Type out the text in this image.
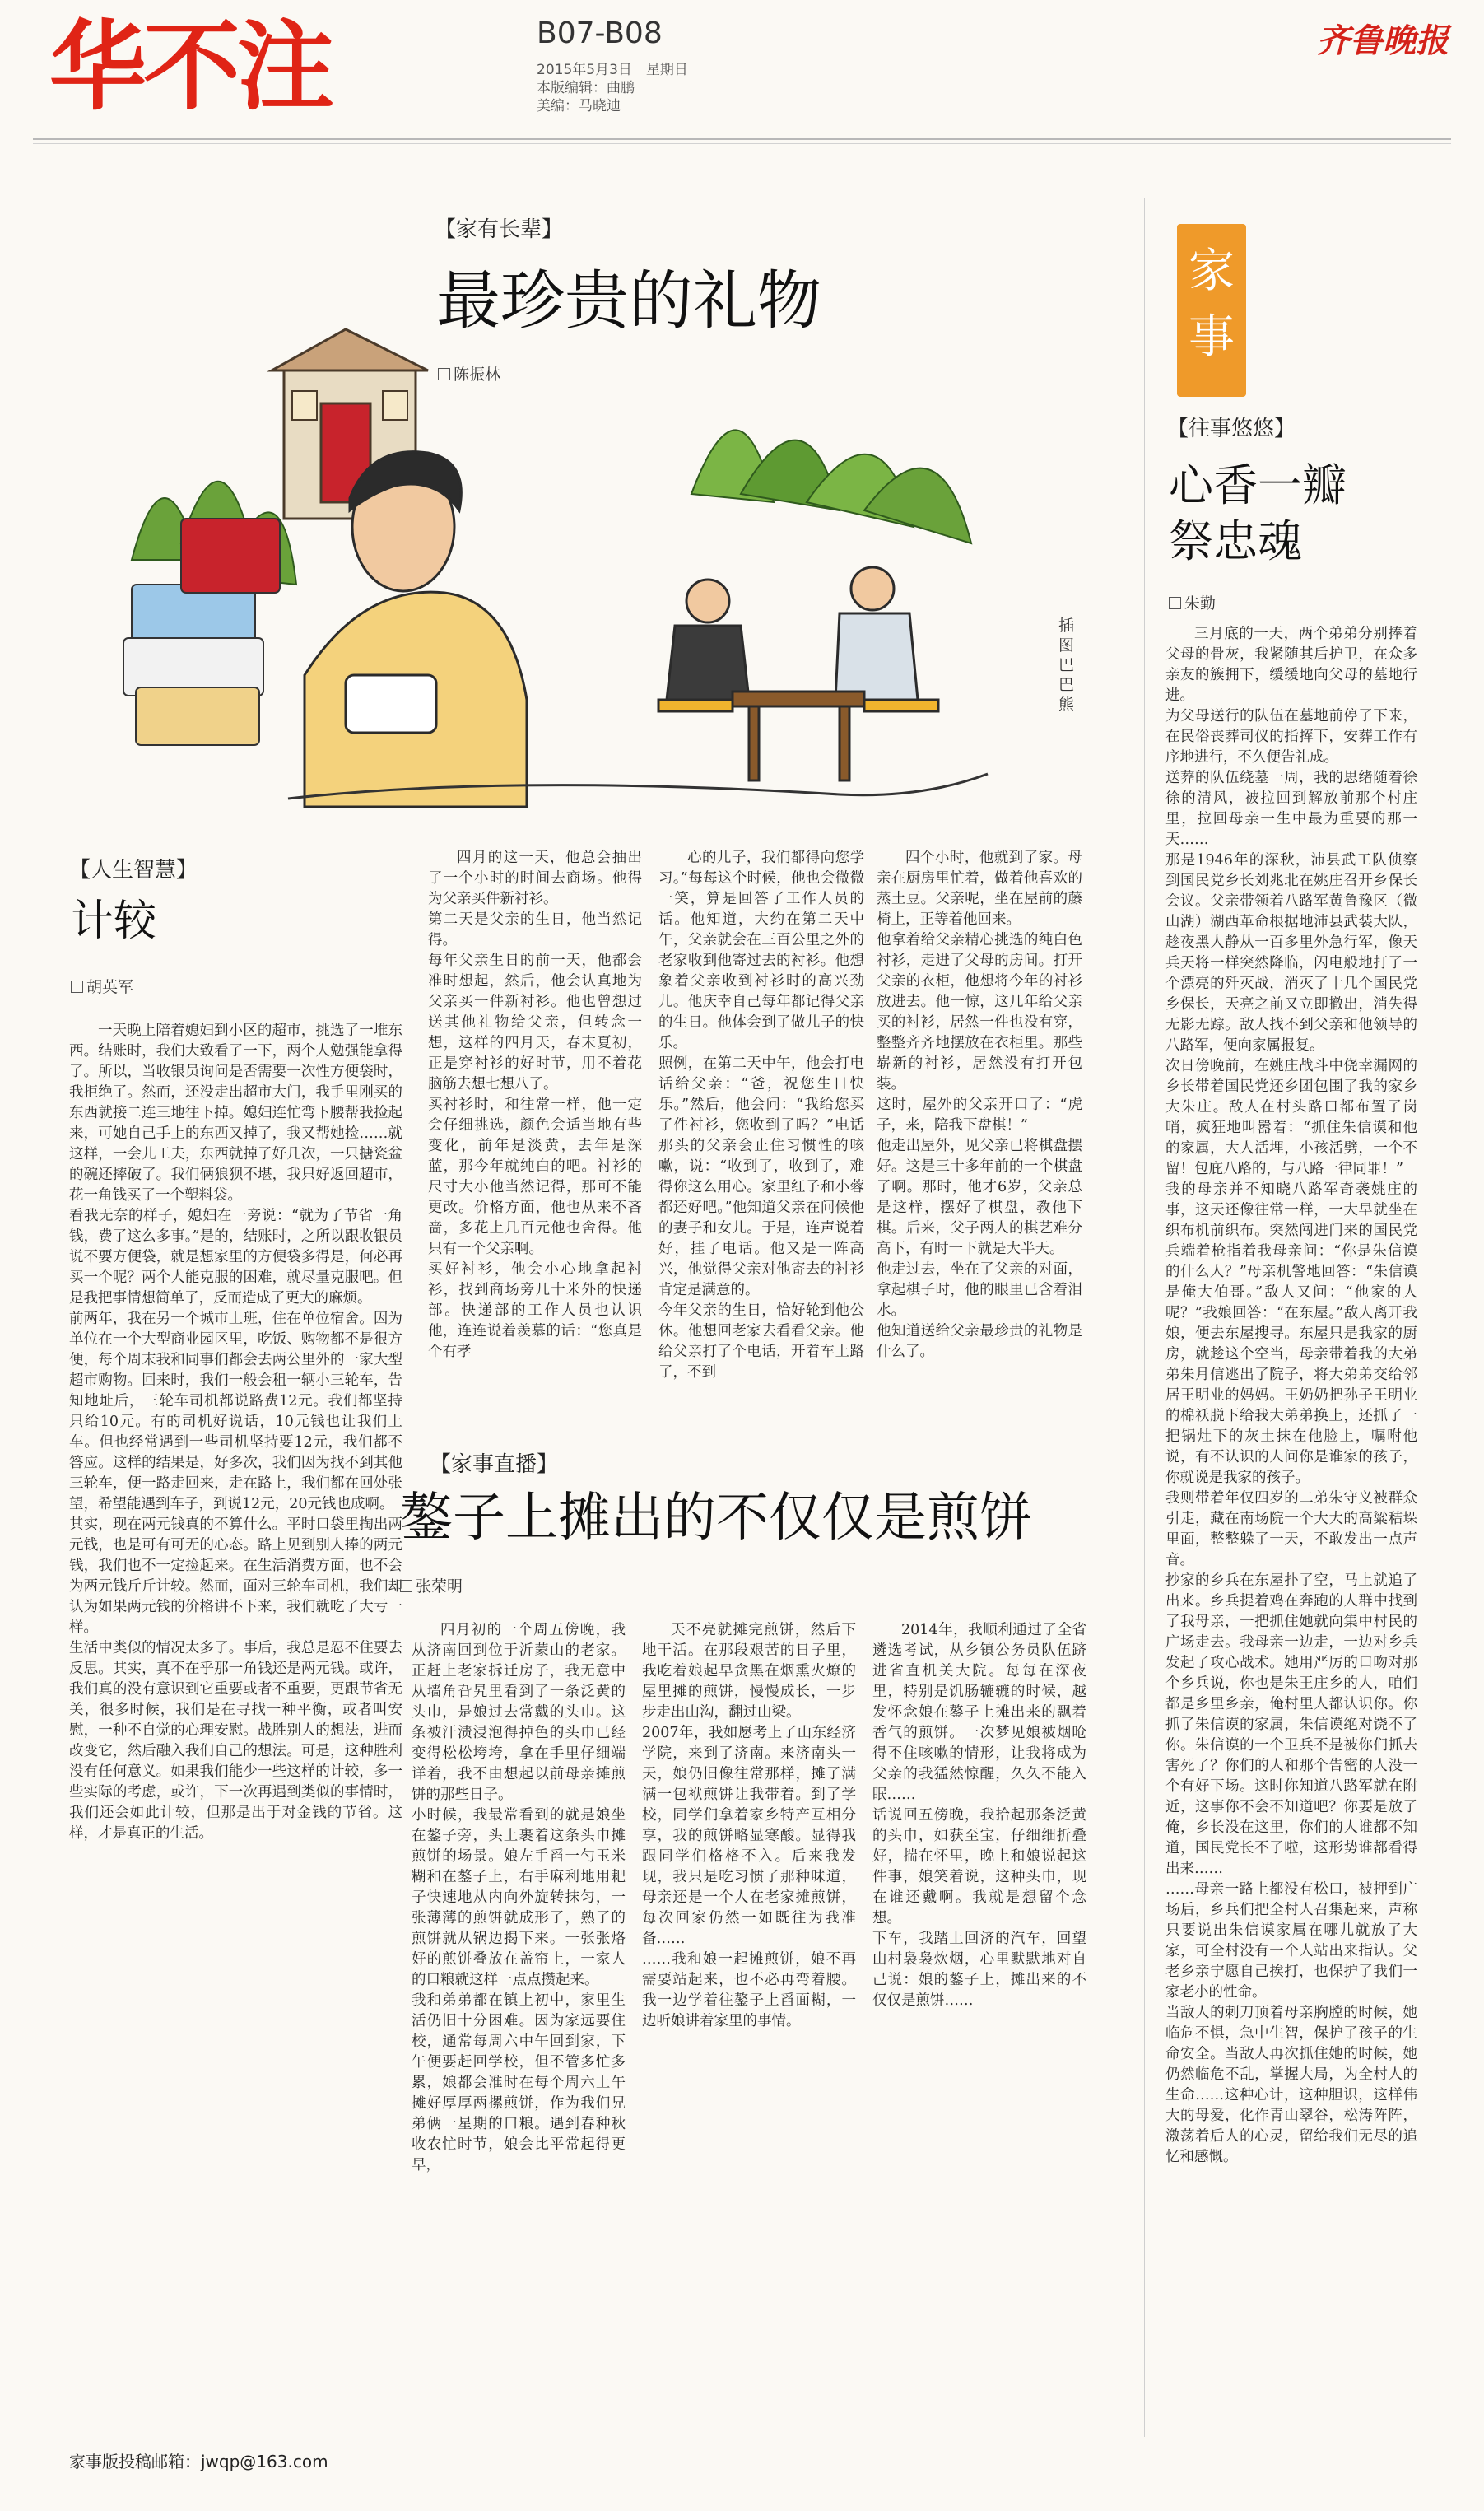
华不注	B07-B08
2015年5月3日　星期日
本版编辑：曲鹏
美编：马晓迪
齐鲁晚报
插图 巴巴熊
【家有长辈】
最珍贵的礼物
陈振林

四月的这一天，他总会抽出了一个小时的时间去商场。他得为父亲买件新衬衫。
第二天是父亲的生日，他当然记得。
每年父亲生日的前一天，他都会准时想起，然后，他会认真地为父亲买一件新衬衫。他也曾想过送其他礼物给父亲，但转念一想，这样的四月天，春末夏初，正是穿衬衫的好时节，用不着花脑筋去想七想八了。
买衬衫时，和往常一样，他一定会仔细挑选，颜色会适当地有些变化，前年是淡黄，去年是深蓝，那今年就纯白的吧。衬衫的尺寸大小他当然记得，那可不能更改。价格方面，他也从来不吝啬，多花上几百元他也舍得。他只有一个父亲啊。
买好衬衫，他会小心地拿起衬衫，找到商场旁几十米外的快递部。快递部的工作人员也认识他，连连说着羡慕的话：“您真是个有孝

心的儿子，我们都得向您学习。”每每这个时候，他也会微微一笑，算是回答了工作人员的话。他知道，大约在第二天中午，父亲就会在三百公里之外的老家收到他寄过去的衬衫。他想象着父亲收到衬衫时的高兴劲儿。他庆幸自己每年都记得父亲的生日。他体会到了做儿子的快乐。
照例，在第二天中午，他会打电话给父亲：“爸，祝您生日快乐。”然后，他会问：“我给您买了件衬衫，您收到了吗？”电话那头的父亲会止住习惯性的咳嗽，说：“收到了，收到了，难得你这么用心。家里红子和小蓉都还好吧。”他知道父亲在问候他的妻子和女儿。于是，连声说着好，挂了电话。他又是一阵高兴，他觉得父亲对他寄去的衬衫肯定是满意的。
今年父亲的生日，恰好轮到他公休。他想回老家去看看父亲。他给父亲打了个电话，开着车上路了，不到

四个小时，他就到了家。母亲在厨房里忙着，做着他喜欢的蒸土豆。父亲呢，坐在屋前的藤椅上，正等着他回来。
他拿着给父亲精心挑选的纯白色衬衫，走进了父母的房间。打开父亲的衣柜，他想将今年的衬衫放进去。他一惊，这几年给父亲买的衬衫，居然一件也没有穿，整整齐齐地摆放在衣柜里。那些崭新的衬衫，居然没有打开包装。
这时，屋外的父亲开口了：“虎子，来，陪我下盘棋！”
他走出屋外，见父亲已将棋盘摆好。这是三十多年前的一个棋盘了啊。那时，他才6岁，父亲总是这样，摆好了棋盘，教他下棋。后来，父子两人的棋艺难分高下，有时一下就是大半天。
他走过去，坐在了父亲的对面，拿起棋子时，他的眼里已含着泪水。
他知道送给父亲最珍贵的礼物是什么了。

【人生智慧】
计较
胡英军

一天晚上陪着媳妇到小区的超市，挑选了一堆东西。结账时，我们大致看了一下，两个人勉强能拿得了。所以，当收银员询问是否需要一次性方便袋时，我拒绝了。然而，还没走出超市大门，我手里刚买的东西就接二连三地往下掉。媳妇连忙弯下腰帮我捡起来，可她自己手上的东西又掉了，我又帮她捡……就这样，一会儿工夫，东西就掉了好几次，一只搪瓷盆的碗还摔破了。我们俩狼狈不堪，我只好返回超市，花一角钱买了一个塑料袋。
看我无奈的样子，媳妇在一旁说：“就为了节省一角钱，费了这么多事。”是的，结账时，之所以跟收银员说不要方便袋，就是想家里的方便袋多得是，何必再买一个呢？两个人能克服的困难，就尽量克服吧。但是我把事情想简单了，反而造成了更大的麻烦。
前两年，我在另一个城市上班，住在单位宿舍。因为单位在一个大型商业园区里，吃饭、购物都不是很方便，每个周末我和同事们都会去两公里外的一家大型超市购物。回来时，我们一般会租一辆小三轮车，告知地址后，三轮车司机都说路费12元。我们都坚持只给10元。有的司机好说话，10元钱也让我们上车。但也经常遇到一些司机坚持要12元，我们都不答应。这样的结果是，好多次，我们因为找不到其他三轮车，便一路走回来，走在路上，我们都在回处张望，希望能遇到车子，到说12元，20元钱也成啊。
其实，现在两元钱真的不算什么。平时口袋里掏出两元钱，也是可有可无的心态。路上见到别人捧的两元钱，我们也不一定捡起来。在生活消费方面，也不会为两元钱斤斤计较。然而，面对三轮车司机，我们却认为如果两元钱的价格讲不下来，我们就吃了大亏一样。
生活中类似的情况太多了。事后，我总是忍不住要去反思。其实，真不在乎那一角钱还是两元钱。或许，我们真的没有意识到它重要或者不重要，更跟节省无关，很多时候，我们是在寻找一种平衡，或者叫安慰，一种不自觉的心理安慰。战胜别人的想法，进而改变它，然后融入我们自己的想法。可是，这种胜利没有任何意义。如果我们能少一些这样的计较，多一些实际的考虑，或许，下一次再遇到类似的事情时，我们还会如此计较，但那是出于对金钱的节省。这样，才是真正的生活。

【家事直播】
鏊子上摊出的不仅仅是煎饼
张荣明

四月初的一个周五傍晚，我从济南回到位于沂蒙山的老家。正赶上老家拆迁房子，我无意中从墙角旮旯里看到了一条泛黄的头巾，是娘过去常戴的头巾。这条被汗渍浸泡得掉色的头巾已经变得松松垮垮，拿在手里仔细端详着，我不由想起以前母亲摊煎饼的那些日子。
小时候，我最常看到的就是娘坐在鏊子旁，头上裹着这条头巾摊煎饼的场景。娘左手舀一勺玉米糊和在鏊子上，右手麻利地用耙子快速地从内向外旋转抹匀，一张薄薄的煎饼就成形了，熟了的煎饼就从锅边揭下来。一张张烙好的煎饼叠放在盖帘上，一家人的口粮就这样一点点攒起来。
我和弟弟都在镇上初中，家里生活仍旧十分困难。因为家远要住校，通常每周六中午回到家，下午便要赶回学校，但不管多忙多累，娘都会准时在每个周六上午摊好厚厚两摞煎饼，作为我们兄弟俩一星期的口粮。遇到春种秋收农忙时节，娘会比平常起得更早，

天不亮就摊完煎饼，然后下地干活。在那段艰苦的日子里，我吃着娘起早贪黑在烟熏火燎的屋里摊的煎饼，慢慢成长，一步步走出山沟，翻过山梁。
2007年，我如愿考上了山东经济学院，来到了济南。来济南头一天，娘仍旧像往常那样，摊了满满一包袱煎饼让我带着。到了学校，同学们拿着家乡特产互相分享，我的煎饼略显寒酸。显得我跟同学们格格不入。后来我发现，我只是吃习惯了那种味道，母亲还是一个人在老家摊煎饼，每次回家仍然一如既往为我准备……
……我和娘一起摊煎饼，娘不再需要站起来，也不必再弯着腰。我一边学着往鏊子上舀面糊，一边听娘讲着家里的事情。

2014年，我顺利通过了全省遴选考试，从乡镇公务员队伍跻进省直机关大院。每每在深夜里，特别是饥肠辘辘的时候，越发怀念娘在鏊子上摊出来的飘着香气的煎饼。一次梦见娘被烟呛得不住咳嗽的情形，让我将成为父亲的我猛然惊醒，久久不能入眠……
话说回五傍晚，我拾起那条泛黄的头巾，如获至宝，仔细细折叠好，揣在怀里，晚上和娘说起这件事，娘笑着说，这种头巾，现在谁还戴啊。我就是想留个念想。
下车，我踏上回济的汽车，回望山村袅袅炊烟，心里默默地对自己说：娘的鏊子上，摊出来的不仅仅是煎饼……

家
事
【往事悠悠】
心香一瓣
祭忠魂
朱勤

三月底的一天，两个弟弟分别捧着父母的骨灰，我紧随其后护卫，在众多亲友的簇拥下，缓缓地向父母的墓地行进。
为父母送行的队伍在墓地前停了下来，在民俗丧葬司仪的指挥下，安葬工作有序地进行，不久便告礼成。
送葬的队伍绕墓一周，我的思绪随着徐徐的清风，被拉回到解放前那个村庄里，拉回母亲一生中最为重要的那一天……
那是1946年的深秋，沛县武工队侦察到国民党乡长刘兆北在姚庄召开乡保长会议。父亲带领着八路军黄鲁豫区（微山湖）湖西革命根据地沛县武装大队，趁夜黑人静从一百多里外急行军，像天兵天将一样突然降临，闪电般地打了一个漂亮的歼灭战，消灭了十几个国民党乡保长，天亮之前又立即撤出，消失得无影无踪。敌人找不到父亲和他领导的八路军，便向家属报复。
次日傍晚前，在姚庄战斗中侥幸漏网的乡长带着国民党还乡团包围了我的家乡大朱庄。敌人在村头路口都布置了岗哨，疯狂地叫嚣着：“抓住朱信谟和他的家属，大人活埋，小孩活劈，一个不留！包庇八路的，与八路一律同罪！”
我的母亲并不知晓八路军奇袭姚庄的事，这天还像往常一样，一大早就坐在织布机前织布。突然闯进门来的国民党兵端着枪指着我母亲问：“你是朱信谟的什么人？”母亲机警地回答：“朱信谟是俺大伯哥。”敌人又问：“他家的人呢？”我娘回答：“在东屋。”敌人离开我娘，便去东屋搜寻。东屋只是我家的厨房，就趁这个空当，母亲带着我的大弟弟朱月信逃出了院子，将大弟弟交给邻居王明业的妈妈。王奶奶把孙子王明业的棉袄脱下给我大弟弟换上，还抓了一把锅灶下的灰土抹在他脸上，嘱咐他说，有不认识的人问你是谁家的孩子，你就说是我家的孩子。
我则带着年仅四岁的二弟朱守义被群众引走，藏在南场院一个大大的高粱秸垛里面，整整躲了一天，不敢发出一点声音。
抄家的乡兵在东屋扑了空，马上就追了出来。乡兵提着鸡在奔跑的人群中找到了我母亲，一把抓住她就向集中村民的广场走去。我母亲一边走，一边对乡兵发起了攻心战术。她用严厉的口吻对那个乡兵说，你也是朱王庄乡的人，咱们都是乡里乡亲，俺村里人都认识你。你抓了朱信谟的家属，朱信谟绝对饶不了你。朱信谟的一个卫兵不是被你们抓去害死了？你们的人和那个告密的人没一个有好下场。这时你知道八路军就在附近，这事你不会不知道吧？你要是放了俺，乡长没在这里，你们的人谁都不知道，国民党长不了啦，这形势谁都看得出来……
……母亲一路上都没有松口，被押到广场后，乡兵们把全村人召集起来，声称只要说出朱信谟家属在哪儿就放了大家，可全村没有一个人站出来指认。父老乡亲宁愿自己挨打，也保护了我们一家老小的性命。
当敌人的刺刀顶着母亲胸膛的时候，她临危不惧，急中生智，保护了孩子的生命安全。当敌人再次抓住她的时候，她仍然临危不乱，掌握大局，为全村人的生命……这种心计，这种胆识，这样伟大的母爱，化作青山翠谷，松涛阵阵，激荡着后人的心灵，留给我们无尽的追忆和感慨。

家事版投稿邮箱：jwqp@163.com
